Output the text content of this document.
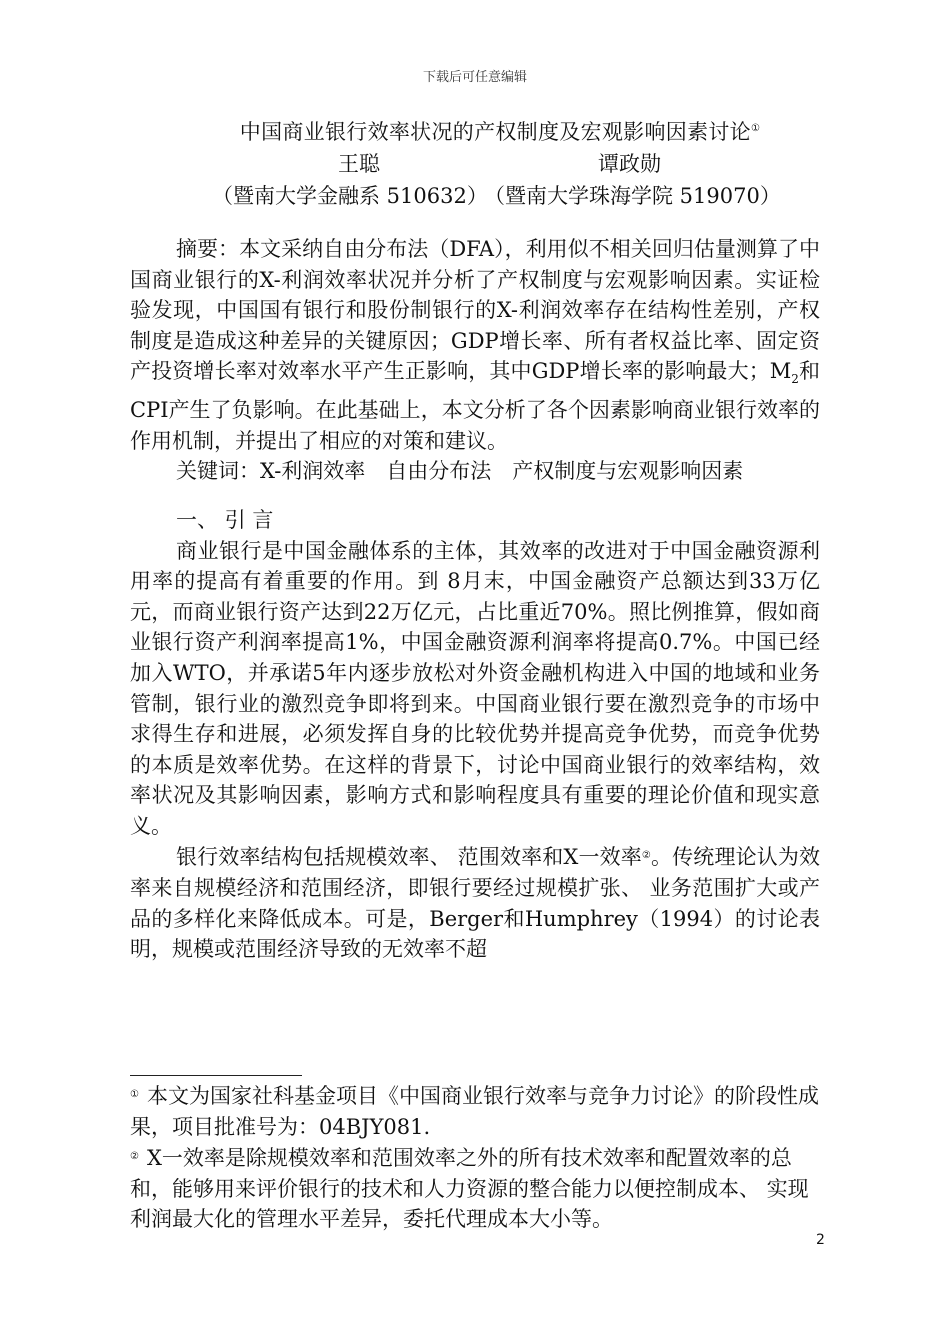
下载后可任意编辑
中国商业银行效率状况的产权制度及宏观影响因素讨论①
王聪	谭政勋
（暨南大学金融系 510632）
（暨南大学珠海学院 519070）

摘要：本文采纳自由分布法（DFA），利用似不相关回归估量测算了中国商业银行的X-利润效率状况并分析了产权制度与宏观影响因素。实证检验发现，中国国有银行和股份制银行的X-利润效率存在结构性差别，产权制度是造成这种差异的关键原因；GDP增长率、所有者权益比率、固定资产投资增长率对效率水平产生正影响，其中GDP增长率的影响最大；$M_2$和CPI产生了负影响。在此基础上，本文分析了各个因素影响商业银行效率的作用机制，并提出了相应的对策和建议。

关键词：X-利润效率　自由分布法　产权制度与宏观影响因素

一、 引 言

商业银行是中国金融体系的主体，其效率的改进对于中国金融资源利用率的提高有着重要的作用。到 8月末，中国金融资产总额达到33万亿元，而商业银行资产达到22万亿元，占比重近70%。照比例推算，假如商业银行资产利润率提高1%，中国金融资源利润率将提高0.7%。中国已经加入WTO，并承诺5年内逐步放松对外资金融机构进入中国的地域和业务管制，银行业的激烈竞争即将到来。中国商业银行要在激烈竞争的市场中求得生存和进展，必须发挥自身的比较优势并提高竞争优势，而竞争优势的本质是效率优势。在这样的背景下，讨论中国商业银行的效率结构，效率状况及其影响因素，影响方式和影响程度具有重要的理论价值和现实意义。

银行效率结构包括规模效率、 范围效率和X一效率②。传统理论认为效率来自规模经济和范围经济，即银行要经过规模扩张、 业务范围扩大或产品的多样化来降低成本。可是，Berger和Humphrey（1994）的讨论表明，规模或范围经济导致的无效率不超

① 本文为国家社科基金项目《中国商业银行效率与竞争力讨论》的阶段性成果，项目批准号为：04BJY081.
② X一效率是除规模效率和范围效率之外的所有技术效率和配置效率的总和，能够用来评价银行的技术和人力资源的整合能力以便控制成本、 实现利润最大化的管理水平差异，委托代理成本大小等。
2
